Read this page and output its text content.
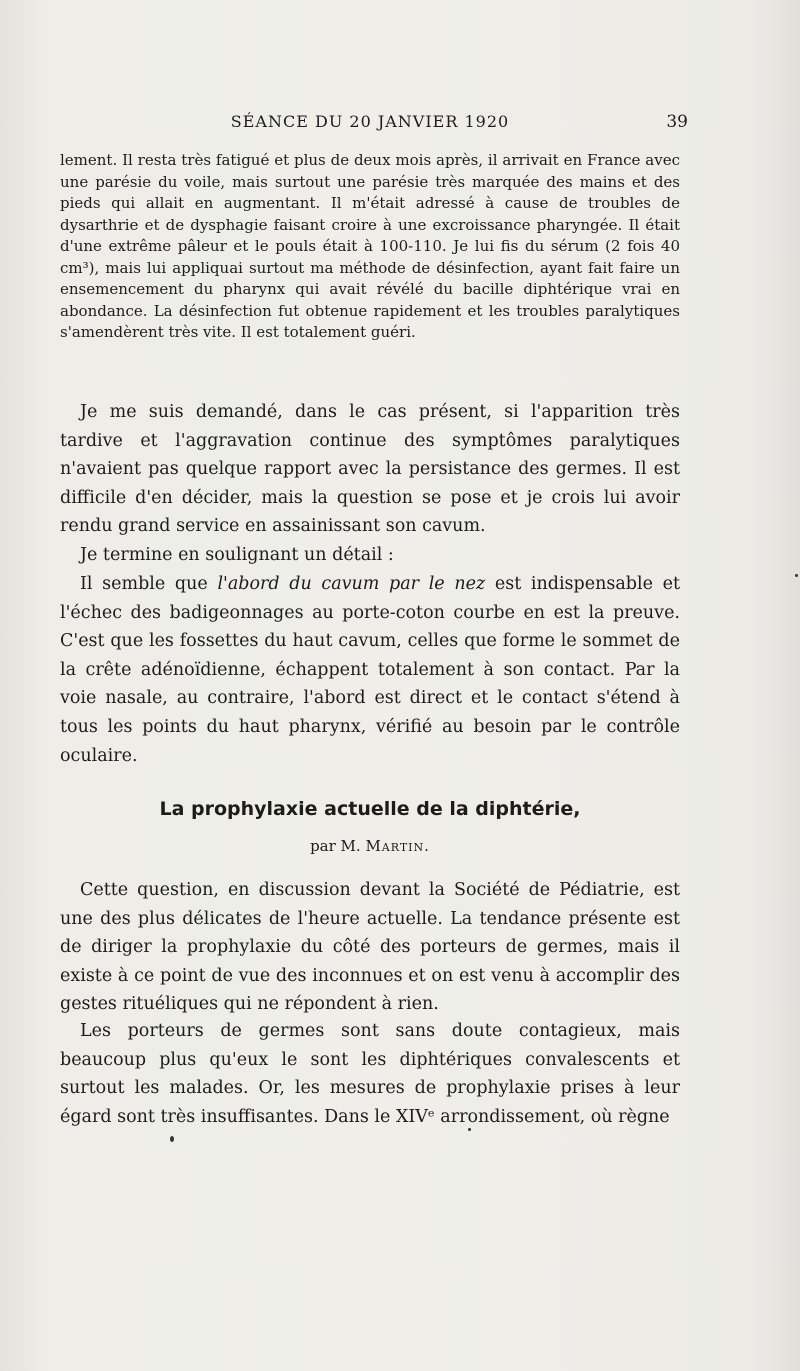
SÉANCE DU 20 JANVIER 1920	39

lement. Il resta très fatigué et plus de deux mois après, il arrivait en France avec une parésie du voile, mais surtout une parésie très marquée des mains et des pieds qui allait en augmentant. Il m'était adressé à cause de troubles de dysarthrie et de dysphagie faisant croire à une excroissance pharyngée. Il était d'une extrême pâleur et le pouls était à 100-110. Je lui fis du sérum (2 fois 40 cm³), mais lui appliquai surtout ma méthode de désinfection, ayant fait faire un ensemencement du pharynx qui avait révélé du bacille diphtérique vrai en abondance. La désinfection fut obtenue rapidement et les troubles paralytiques s'amendèrent très vite. Il est totalement guéri.

Je me suis demandé, dans le cas présent, si l'apparition très tardive et l'aggravation continue des symptômes paralytiques n'avaient pas quelque rapport avec la persistance des germes. Il est difficile d'en décider, mais la question se pose et je crois lui avoir rendu grand service en assainissant son cavum.

Je termine en soulignant un détail :

Il semble que l'abord du cavum par le nez est indispensable et l'échec des badigeonnages au porte-coton courbe en est la preuve. C'est que les fossettes du haut cavum, celles que forme le sommet de la crête adénoïdienne, échappent totalement à son contact. Par la voie nasale, au contraire, l'abord est direct et le contact s'étend à tous les points du haut pharynx, vérifié au besoin par le contrôle oculaire.

La prophylaxie actuelle de la diphtérie,
par M. Martin.

Cette question, en discussion devant la Société de Pédiatrie, est une des plus délicates de l'heure actuelle. La tendance présente est de diriger la prophylaxie du côté des porteurs de germes, mais il existe à ce point de vue des inconnues et on est venu à accomplir des gestes rituéliques qui ne répondent à rien.

Les porteurs de germes sont sans doute contagieux, mais beaucoup plus qu'eux le sont les diphtériques convalescents et surtout les malades. Or, les mesures de prophylaxie prises à leur égard sont très insuffisantes. Dans le XIVᵉ arrondissement, où règne
